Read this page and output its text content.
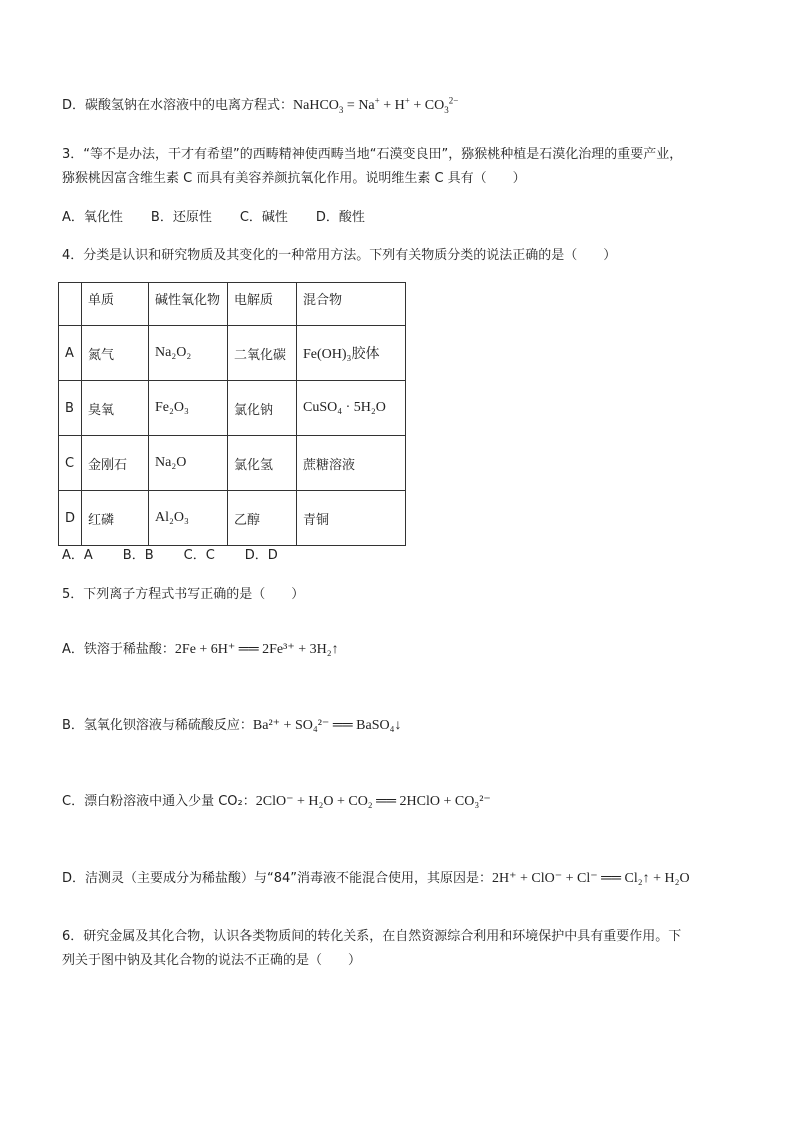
D．碳酸氢钠在水溶液中的电离方程式：NaHCO$_3$ = $Na^+ + H^+ + CO_3^{2-}$
3．“等不是办法，干才有希望”的西畴精神使西畴当地“石漠变良田”，猕猴桃种植是石漠化治理的重要产业，
猕猴桃因富含维生素 C 而具有美容养颜抗氧化作用。说明维生素 C 具有（　　）
A．氧化性 B．还原性 C．碱性 D．酸性
4．分类是认识和研究物质及其变化的一种常用方法。下列有关物质分类的说法正确的是（　　）
	单质	碱性氧化物	电解质	混合物
A	氮气	Na₂O₂	二氧化碳	Fe(OH)₃胶体
B	臭氧	Fe₂O₃	氯化钠	CuSO₄ · 5H₂O
C	金刚石	Na₂O	氯化氢	蔗糖溶液
D	红磷	Al₂O₃	乙醇	青铜
A．A B．B C．C D．D
5．下列离子方程式书写正确的是（　　）
A．铁溶于稀盐酸：2Fe + 6H⁺ ══ 2Fe³⁺ + 3H₂↑
B．氢氧化钡溶液与稀硫酸反应：Ba²⁺ + SO₄²⁻ ══ BaSO₄↓
C．漂白粉溶液中通入少量 CO₂：2ClO⁻ + H₂O + CO₂ ══ 2HClO + CO₃²⁻
D．洁测灵（主要成分为稀盐酸）与“84”消毒液不能混合使用，其原因是：2H⁺ + ClO⁻ + Cl⁻ ══ Cl₂↑ + H₂O
6．研究金属及其化合物，认识各类物质间的转化关系，在自然资源综合利用和环境保护中具有重要作用。下
列关于图中钠及其化合物的说法不正确的是（　　）
